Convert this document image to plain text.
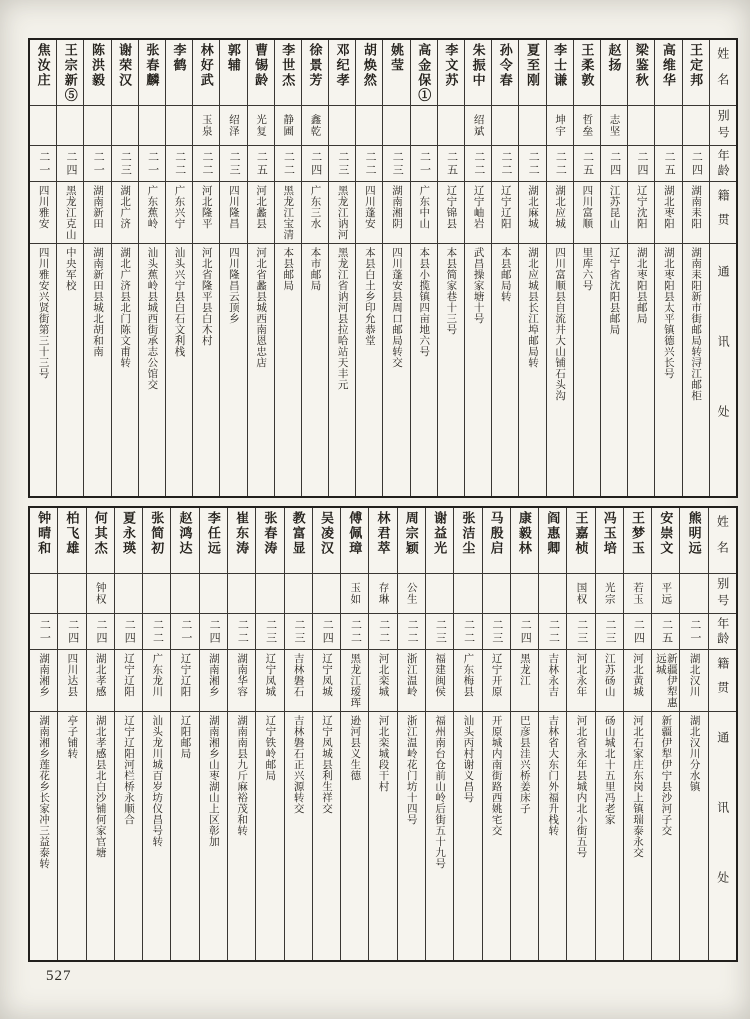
焦汝庄
二一
四川雅安
四川雅安兴贤街第三十三号
王宗新⑤
二四
黑龙江克山
中央军校
陈洪毅
二一
湖南新田
湖南新田县城北胡和南
谢荣汉
二三
湖北广济
湖北广济县北门陈文甫转
张春麟
二一
广东蕉岭
汕头蕉岭县城西街承志公馆交
李鹤
二二
广东兴宁
汕头兴宁县白石文利栈
林好武
玉泉
二二
河北隆平
河北省隆平县白木村
郭辅
绍泽
二三
四川隆昌
四川隆昌云顶乡
曹锡龄
光复
二五
河北蠡县
河北省蠡县城西南恩忠店
李世杰
静圃
二二
黑龙江宝清
本县邮局
徐景芳
鑫乾
二四
广东三水
本市邮局
邓纪孝
二三
黑龙江讷河
黑龙江省讷河县拉哈站天丰元
胡焕然
二二
四川蓬安
本县白土乡印允恭堂
姚莹
二三
湖南湘阴
四川蓬安县周口邮局转交
高金保①
二一
广东中山
本县小揽镇四亩地六号
李文苏
二五
辽宁锦县
本县简家巷十三号
朱振中
绍斌
二二
辽宁岫岩
武昌操家塘十号
孙令春
二二
辽宁辽阳
本县邮局转
夏至刚
二二
湖北麻城
湖北应城县长江埠邮局转
李士谦
坤宇
二二
湖北应城
四川富顺县自流井大山铺石头沟
王柔敦
哲垒
二五
四川富顺
里库六号
赵扬
志坚
二四
江苏昆山
辽宁省沈阳县邮局
梁鉴秋
二四
辽宁沈阳
湖北枣阳县邮局
高维华
二五
湖北枣阳
湖北枣阳县太平镇德兴长号
王定邦
二四
湖南耒阳
湖南耒阳新市街邮局转浔江邮柜
姓名
别号
年龄
籍贯
通讯处
钟晴和
二一
湖南湘乡
湖南湘乡莲花乡长家冲三益泰转
柏飞雄
二四
四川达县
亭子铺转
何其杰
钟权
二四
湖北孝感
湖北孝感县北白沙铺何家官塘
夏永瑛
二四
辽宁辽阳
辽宁辽阳河栏桥永顺合
张简初
二二
广东龙川
汕头龙川城百岁坊仪昌号转
赵鸿达
二一
辽宁辽阳
辽阳邮局
李任远
二四
湖南湘乡
湖南湘乡山枣湖山上区彰加
崔东涛
二二
湖南华容
湖南南县九斤麻裕茂和转
张春涛
二三
辽宁凤城
辽宁铁岭邮局
教富显
二三
吉林磐石
吉林磐石正兴源转交
吴凌汉
二四
辽宁凤城
辽宁凤城县利生祥交
傅佩璋
玉如
二二
黑龙江瑷珲
逊河县义生德
林君萃
存琳
二二
河北栾城
河北栾城段干村
周宗颖
公生
二二
浙江温岭
浙江温岭花门坊十四号
谢益光
二三
福建闽侯
福州南台仓前山岭后街五十九号
张洁尘
二二
广东梅县
汕头丙村谢义昌号
马殷启
二三
辽宁开原
开原城内南街路西姚宅交
康毅林
二四
黑龙江
巴彦县洼兴桥姜床子
阎惠卿
二二
吉林永吉
吉林省大东门外福升栈转
王嘉桢
国权
二三
河北永年
河北省永年县城内北小街五号
冯玉培
光宗
二三
江苏砀山
砀山城北十五里冯老家
王梦玉
若玉
二四
河北黄城
河北石家庄东岗上镇瑞泰永交
安崇文
平远
二五
新疆伊犁惠远城
新疆伊犁伊宁县沙河子交
熊明远
二一
湖北汉川
湖北汉川分水镇
姓名
别号
年龄
籍贯
通讯处
527
